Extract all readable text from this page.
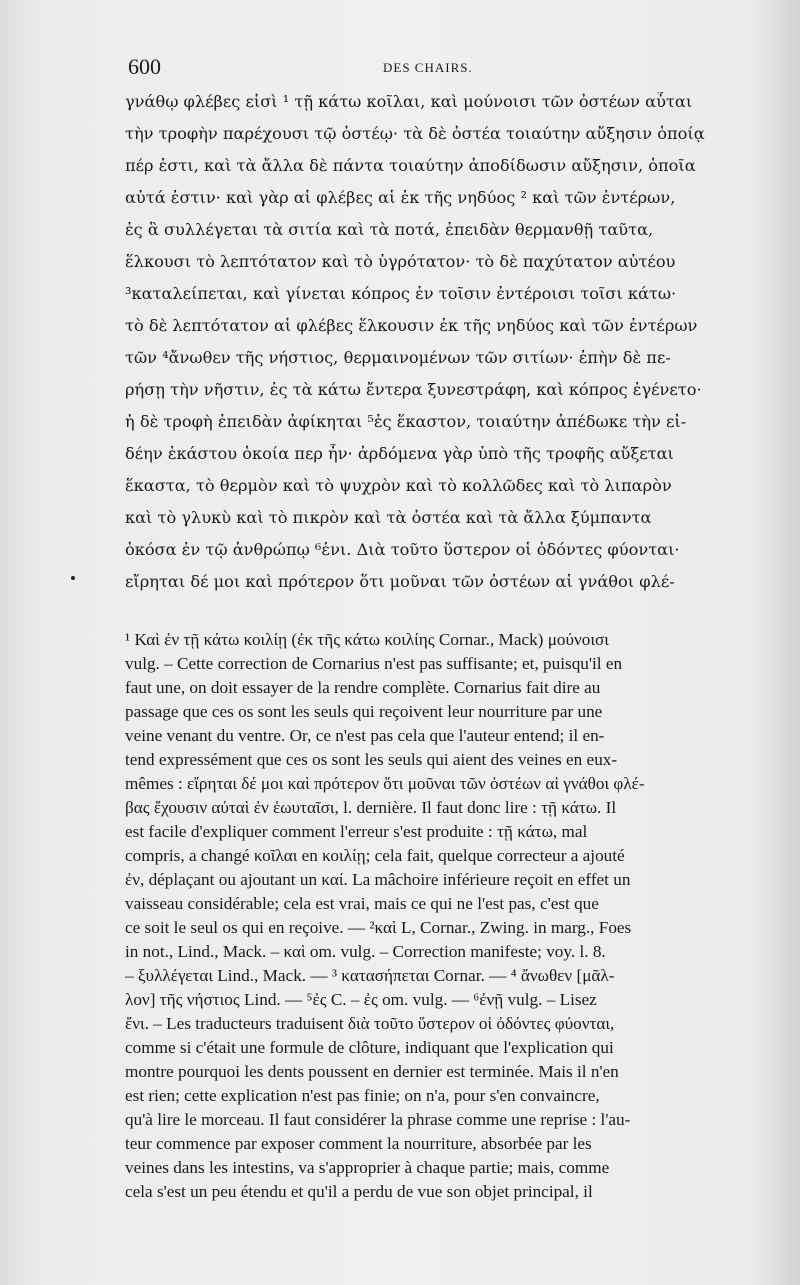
600	DES CHAIRS.
γνάθῳ φλέβες εἰσὶ ¹ τῇ κάτω κοῖλαι, καὶ μούνοισι τῶν ὀστέων αὗται
τὴν τροφὴν παρέχουσι τῷ ὀστέῳ· τὰ δὲ ὀστέα τοιαύτην αὔξησιν ὁποίᾳ
πέρ ἐστι, καὶ τὰ ἄλλα δὲ πάντα τοιαύτην ἀποδίδωσιν αὔξησιν, ὁποῖα
αὐτά ἐστιν· καὶ γὰρ αἱ φλέβες αἱ ἐκ τῆς νηδύος ² καὶ τῶν ἐντέρων,
ἐς ἃ συλλέγεται τὰ σιτία καὶ τὰ ποτά, ἐπειδὰν θερμανθῇ ταῦτα,
ἕλκουσι τὸ λεπτότατον καὶ τὸ ὑγρότατον· τὸ δὲ παχύτατον αὐτέου
³καταλείπεται, καὶ γίνεται κόπρος ἐν τοῖσιν ἐντέροισι τοῖσι κάτω·
τὸ δὲ λεπτότατον αἱ φλέβες ἕλκουσιν ἐκ τῆς νηδύος καὶ τῶν ἐντέρων
τῶν ⁴ἄνωθεν τῆς νήστιος, θερμαινομένων τῶν σιτίων· ἐπὴν δὲ πε-
ρήσῃ τὴν νῆστιν, ἐς τὰ κάτω ἔντερα ξυνεστράφη, καὶ κόπρος ἐγένετο·
ἡ δὲ τροφὴ ἐπειδὰν ἀφίκηται ⁵ἐς ἕκαστον, τοιαύτην ἀπέδωκε τὴν εἰ-
δέην ἑκάστου ὁκοία περ ἦν· ἀρδόμενα γὰρ ὑπὸ τῆς τροφῆς αὔξεται
ἕκαστα, τὸ θερμὸν καὶ τὸ ψυχρὸν καὶ τὸ κολλῶδες καὶ τὸ λιπαρὸν
καὶ τὸ γλυκὺ καὶ τὸ πικρὸν καὶ τὰ ὀστέα καὶ τὰ ἄλλα ξύμπαντα
ὁκόσα ἐν τῷ ἀνθρώπῳ ⁶ἐνι. Διὰ τοῦτο ὕστερον οἱ ὀδόντες φύονται·
εἴρηται δέ μοι καὶ πρότερον ὅτι μοῦναι τῶν ὀστέων αἱ γνάθοι φλέ-
¹ Καὶ ἐν τῇ κάτω κοιλίῃ (ἐκ τῆς κάτω κοιλίης Cornar., Mack) μούνοισι
vulg. – Cette correction de Cornarius n'est pas suffisante; et, puisqu'il en
faut une, on doit essayer de la rendre complète. Cornarius fait dire au
passage que ces os sont les seuls qui reçoivent leur nourriture par une
veine venant du ventre. Or, ce n'est pas cela que l'auteur entend; il en-
tend expressément que ces os sont les seuls qui aient des veines en eux-
mêmes : εἴρηται δέ μοι καὶ πρότερον ὅτι μοῦναι τῶν ὀστέων αἱ γνάθοι φλέ-
βας ἔχουσιν αὐταὶ ἐν ἑωυταῖσι, l. dernière. Il faut donc lire : τῇ κάτω. Il
est facile d'expliquer comment l'erreur s'est produite : τῇ κάτω, mal
compris, a changé κοῖλαι en κοιλίῃ; cela fait, quelque correcteur a ajouté
ἐν, déplaçant ou ajoutant un καί. La mâchoire inférieure reçoit en effet un
vaisseau considérable; cela est vrai, mais ce qui ne l'est pas, c'est que
ce soit le seul os qui en reçoive. — ²καὶ L, Cornar., Zwing. in marg., Foes
in not., Lind., Mack. – καὶ om. vulg. – Correction manifeste; voy. l. 8.
– ξυλλέγεται Lind., Mack. — ³ κατασήπεται Cornar. — ⁴ ἄνωθεν [μᾶλ-
λον] τῆς νήστιος Lind. — ⁵ἐς C. – ἐς om. vulg. — ⁶ἐνῇ vulg. – Lisez
ἔνι. – Les traducteurs traduisent διὰ τοῦτο ὕστερον οἱ ὀδόντες φύονται,
comme si c'était une formule de clôture, indiquant que l'explication qui
montre pourquoi les dents poussent en dernier est terminée. Mais il n'en
est rien; cette explication n'est pas finie; on n'a, pour s'en convaincre,
qu'à lire le morceau. Il faut considérer la phrase comme une reprise : l'au-
teur commence par exposer comment la nourriture, absorbée par les
veines dans les intestins, va s'approprier à chaque partie; mais, comme
cela s'est un peu étendu et qu'il a perdu de vue son objet principal, il
